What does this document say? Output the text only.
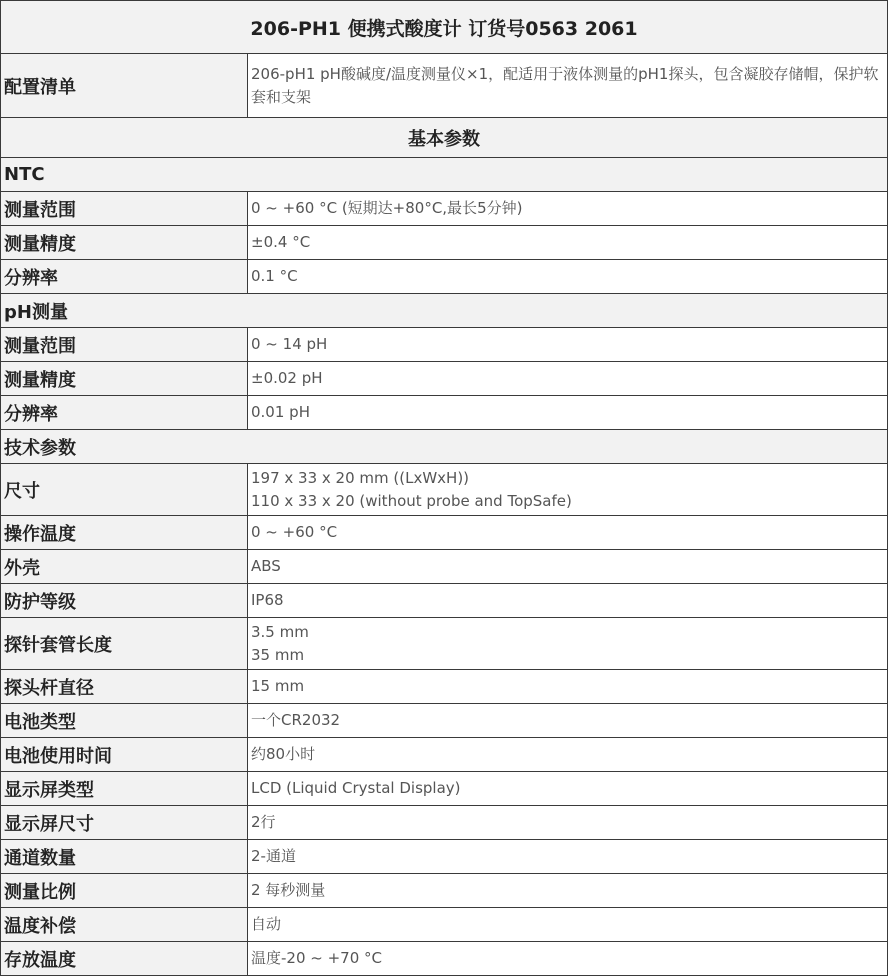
206-PH1 便携式酸度计 订货号0563 2061	
配置清单	206-pH1 pH酸碱度/温度测量仪×1，配适用于液体测量的pH1探头，包含凝胶存储帽，保护软套和支架
基本参数	
NTC	
测量范围	0 ~ +60 °C (短期达+80°C,最长5分钟)
测量精度	±0.4 °C
分辨率	0.1 °C
pH测量	
测量范围	0 ~ 14 pH
测量精度	±0.02 pH
分辨率	0.01 pH
技术参数	
尺寸	197 x 33 x 20 mm ((LxWxH))
110 x 33 x 20 (without probe and TopSafe)

操作温度	0 ~ +60 °C
外壳	ABS
防护等级	IP68
探针套管长度	3.5 mm
35 mm

探头杆直径	15 mm
电池类型	一个CR2032
电池使用时间	约80小时
显示屏类型	LCD (Liquid Crystal Display)
显示屏尺寸	2行
通道数量	2-通道
测量比例	2 每秒测量
温度补偿	自动
存放温度	温度-20 ~ +70 °C
